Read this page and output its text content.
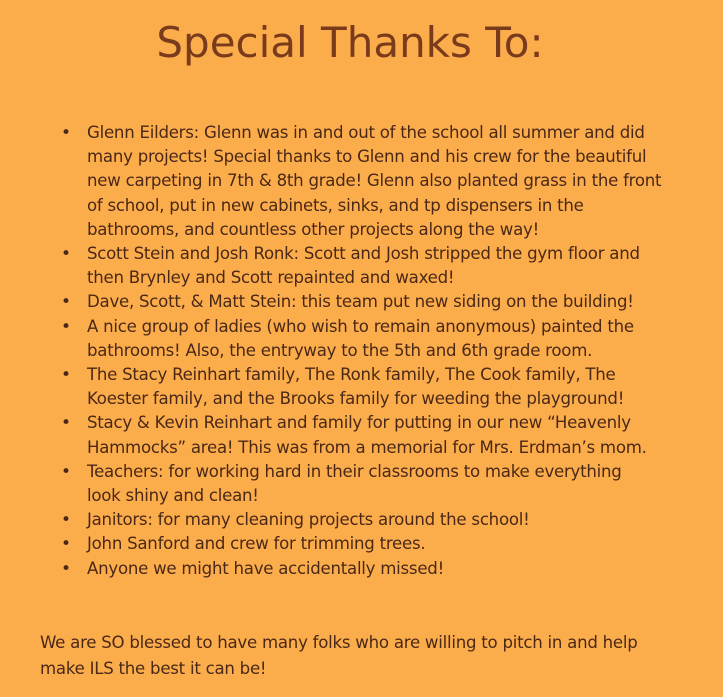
Special Thanks To:
• Glenn Eilders: Glenn was in and out of the school all summer and did
many projects! Special thanks to Glenn and his crew for the beautiful
new carpeting in 7th & 8th grade! Glenn also planted grass in the front
of school, put in new cabinets, sinks, and tp dispensers in the
bathrooms, and countless other projects along the way!
• Scott Stein and Josh Ronk: Scott and Josh stripped the gym floor and
then Brynley and Scott repainted and waxed!
• Dave, Scott, & Matt Stein: this team put new siding on the building!
• A nice group of ladies (who wish to remain anonymous) painted the
bathrooms! Also, the entryway to the 5th and 6th grade room.
• The Stacy Reinhart family, The Ronk family, The Cook family, The
Koester family, and the Brooks family for weeding the playground!
• Stacy & Kevin Reinhart and family for putting in our new “Heavenly
Hammocks” area! This was from a memorial for Mrs. Erdman’s mom.
• Teachers: for working hard in their classrooms to make everything
look shiny and clean!
• Janitors: for many cleaning projects around the school!
• John Sanford and crew for trimming trees.
• Anyone we might have accidentally missed!

We are SO blessed to have many folks who are willing to pitch in and help
make ILS the best it can be!
